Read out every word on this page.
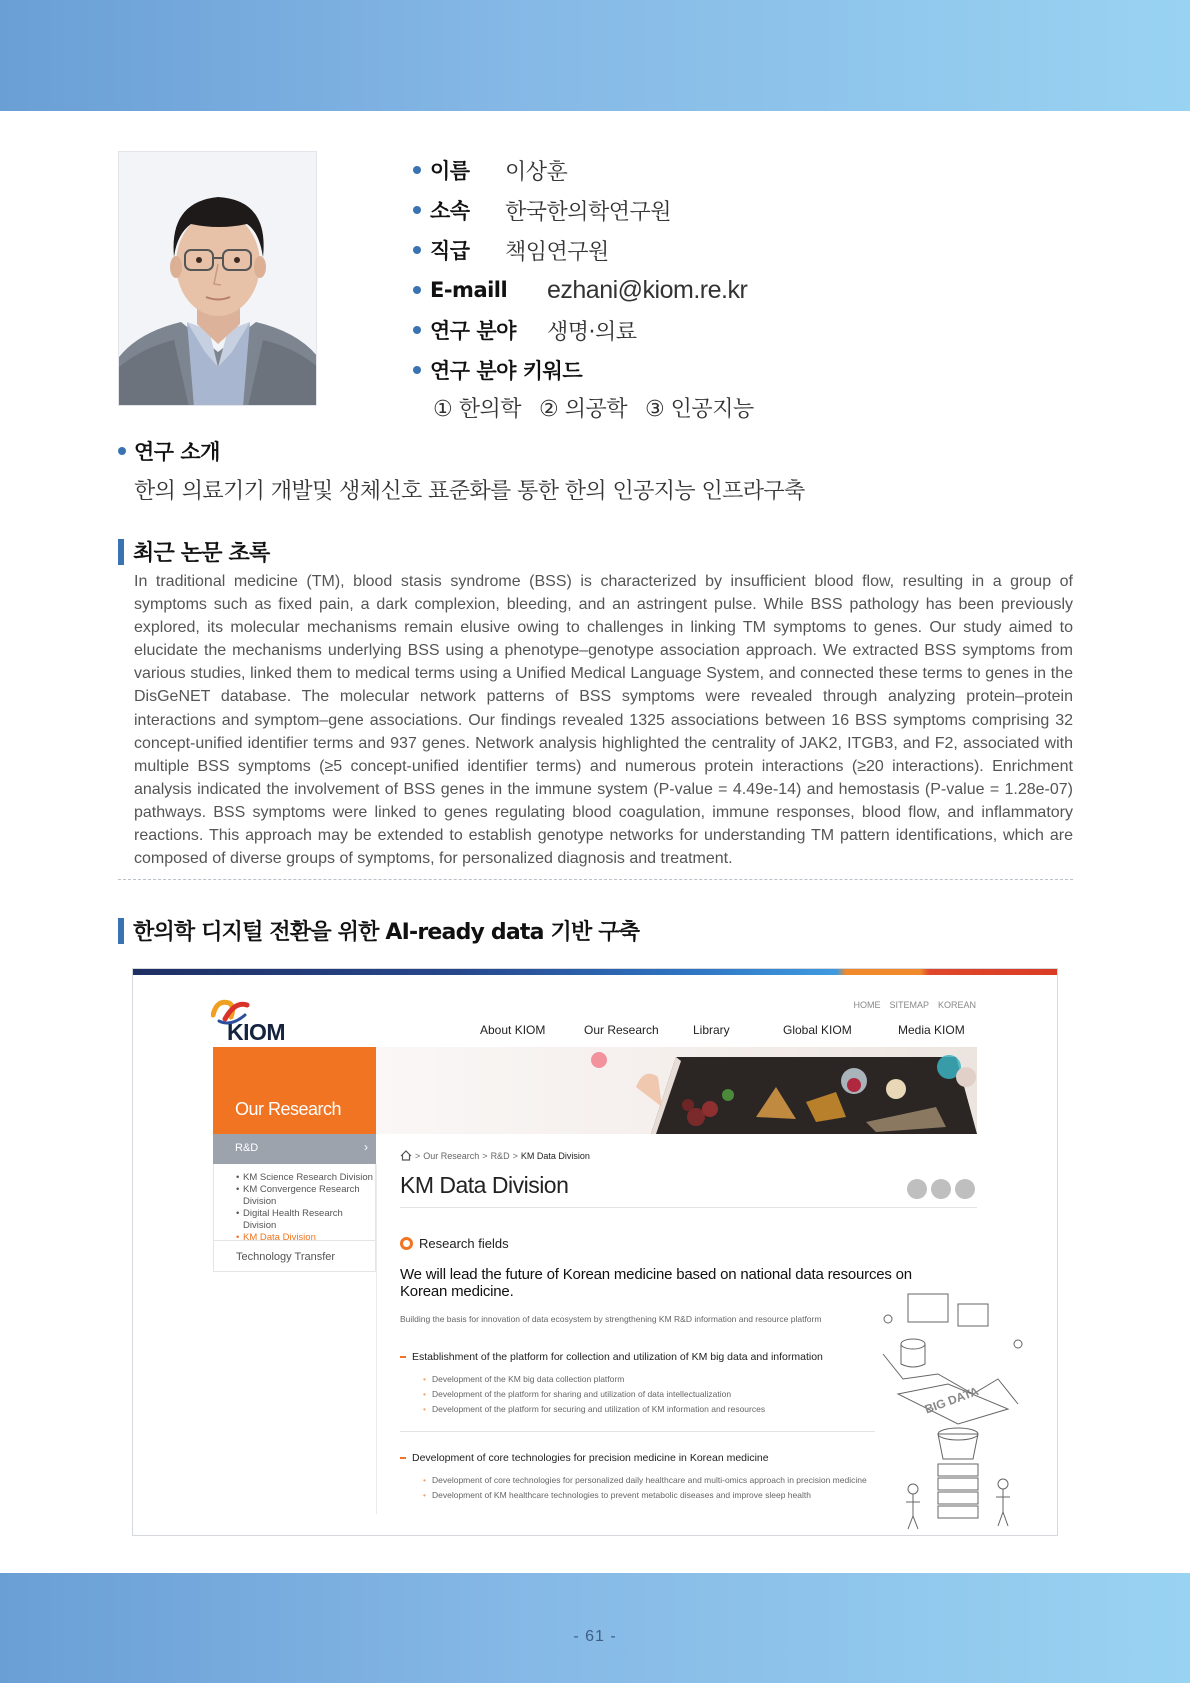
이름 이상훈
소속 한국한의학연구원
직급 책임연구원
E-maill ezhani@kiom.re.kr
연구 분야 생명·의료
연구 분야 키워드
① 한의학 ② 의공학 ③ 인공지능
연구 소개
한의 의료기기 개발및 생체신호 표준화를 통한 한의 인공지능 인프라구축
최근 논문 초록

In traditional medicine (TM), blood stasis syndrome (BSS) is characterized by insufficient blood flow, resulting in a group of symptoms such as fixed pain, a dark complexion, bleeding, and an astringent pulse. While BSS pathology has been previously explored, its molecular mechanisms remain elusive owing to challenges in linking TM symptoms to genes. Our study aimed to elucidate the mechanisms underlying BSS using a phenotype–genotype association approach. We extracted BSS symptoms from various studies, linked them to medical terms using a Unified Medical Language System, and connected these terms to genes in the DisGeNET database. The molecular network patterns of BSS symptoms were revealed through analyzing protein–protein interactions and symptom–gene associations. Our findings revealed 1325 associations between 16 BSS symptoms comprising 32 concept-unified identifier terms and 937 genes. Network analysis highlighted the centrality of JAK2, ITGB3, and F2, associated with multiple BSS symptoms (≥5 concept-unified identifier terms) and numerous protein interactions (≥20 interactions). Enrichment analysis indicated the involvement of BSS genes in the immune system (P-value = 4.49e-14) and hemostasis (P-value = 1.28e-07) pathways. BSS symptoms were linked to genes regulating blood coagulation, immune responses, blood flow, and inflammatory reactions. This approach may be extended to establish genotype networks for understanding TM pattern identifications, which are composed of diverse groups of symptoms, for personalized diagnosis and treatment.

한의학 디지털 전환을 위한 AI-ready data 기반 구축
HOME SITEMAP KOREAN
KIOM	About KIOM	Our Research	Library	Global KIOM	Media KIOM
Our Research
R&D	›
• KM Science Research Division
• KM Convergence Research Division
• Digital Health Research Division
• KM Data Division
Technology Transfer
> Our Research > R&D > KM Data Division
KM Data Division
Research fields
We will lead the future of Korean medicine based on national data resources on Korean medicine.
Building the basis for innovation of data ecosystem by strengthening KM R&D information and resource platform
Establishment of the platform for collection and utilization of KM big data and information
• Development of the KM big data collection platform
• Development of the platform for sharing and utilization of data intellectualization
• Development of the platform for securing and utilization of KM information and resources
Development of core technologies for precision medicine in Korean medicine
• Development of core technologies for personalized daily healthcare and multi-omics approach in precision medicine
• Development of KM healthcare technologies to prevent metabolic diseases and improve sleep health
BIG DATA
- 61 -
